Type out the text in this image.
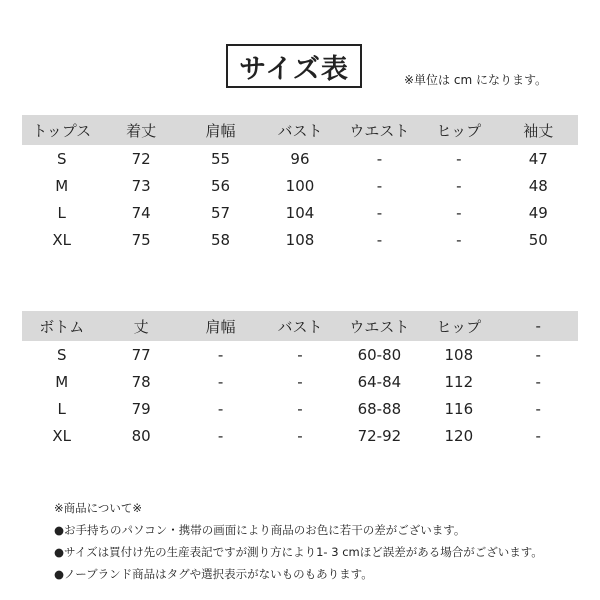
サイズ表	※単位は cm になります。
トップス	着丈	肩幅	バスト	ウエスト	ヒップ	袖丈
S	72	55	96	-	-	47
M	73	56	100	-	-	48
L	74	57	104	-	-	49
XL	75	58	108	-	-	50
ボトム	丈	肩幅	バスト	ウエスト	ヒップ	-
S	77	-	-	60-80	108	-
M	78	-	-	64-84	112	-
L	79	-	-	68-88	116	-
XL	80	-	-	72-92	120	-
※商品について※
●お手持ちのパソコン・携帯の画面により商品のお色に若干の差がございます。
●サイズは買付け先の生産表記ですが測り方により1- 3 cmほど誤差がある場合がございます。
●ノーブランド商品はタグや選択表示がないものもあります。
